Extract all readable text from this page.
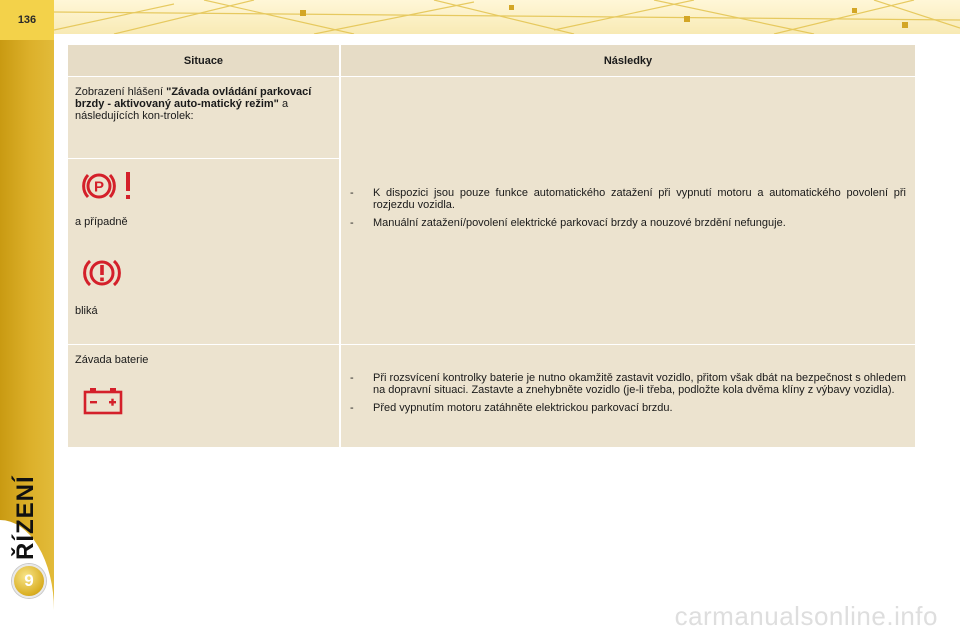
136
ŘÍZENÍ
9
Situace	Následky
Zobrazení hlášení "Závada ovládání parkovací brzdy - aktivovaný auto-matický režim" a následujících kon-trolek:
P
a případně
bliká
- K dispozici jsou pouze funkce automatického zatažení při vypnutí motoru a automatického povolení při rozjezdu vozidla.
- Manuální zatažení/povolení elektrické parkovací brzdy a nouzové brzdění nefunguje.
Závada baterie
- Při rozsvícení kontrolky baterie je nutno okamžitě zastavit vozidlo, přitom však dbát na bezpečnost s ohledem na dopravní situaci. Zastavte a znehybněte vozidlo (je-li třeba, podložte kola dvěma klíny z výbavy vozidla).
- Před vypnutím motoru zatáhněte elektrickou parkovací brzdu.
carmanualsonline.info
